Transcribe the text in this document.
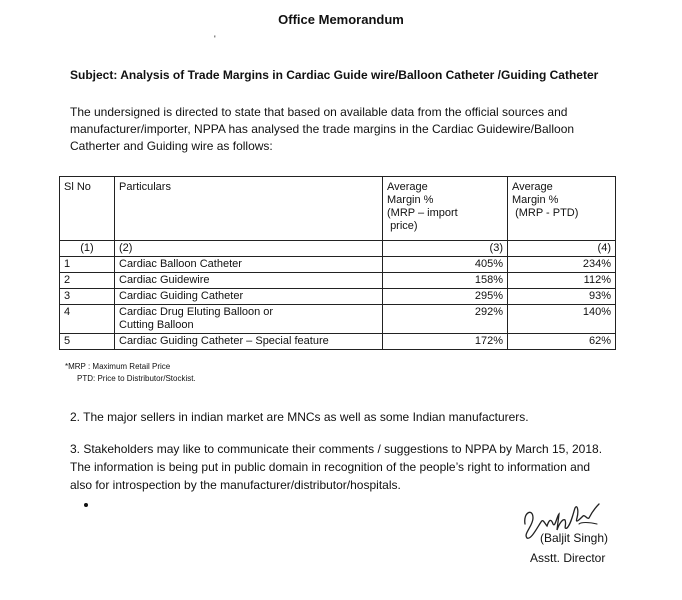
Office Memorandum
'
Subject: Analysis of Trade Margins in Cardiac Guide wire/Balloon Catheter /Guiding Catheter
The undersigned is directed to state that based on available data from the official sources and
manufacturer/importer, NPPA has analysed the trade margins in the Cardiac Guidewire/Balloon
Catherter and Guiding wire as follows:
Sl No	Particulars	Average
Margin %
(MRP – import
price)	Average
Margin %
(MRP - PTD)
(1)	(2)	(3)	(4)
1	Cardiac Balloon Catheter	405%	234%
2	Cardiac Guidewire	158%	112%
3	Cardiac Guiding Catheter	295%	93%
4	Cardiac Drug Eluting Balloon or
Cutting Balloon	292%	140%
5	Cardiac Guiding Catheter – Special feature	172%	62%
*MRP : Maximum Retail Price
PTD: Price to Distributor/Stockist.
2. The major sellers in indian market are MNCs as well as some Indian manufacturers.
3. Stakeholders may like to communicate their comments / suggestions to NPPA by March 15, 2018.
The information is being put in public domain in recognition of the people’s right to information and
also for introspection by the manufacturer/distributor/hospitals.
(Baljit Singh)
Asstt. Director
